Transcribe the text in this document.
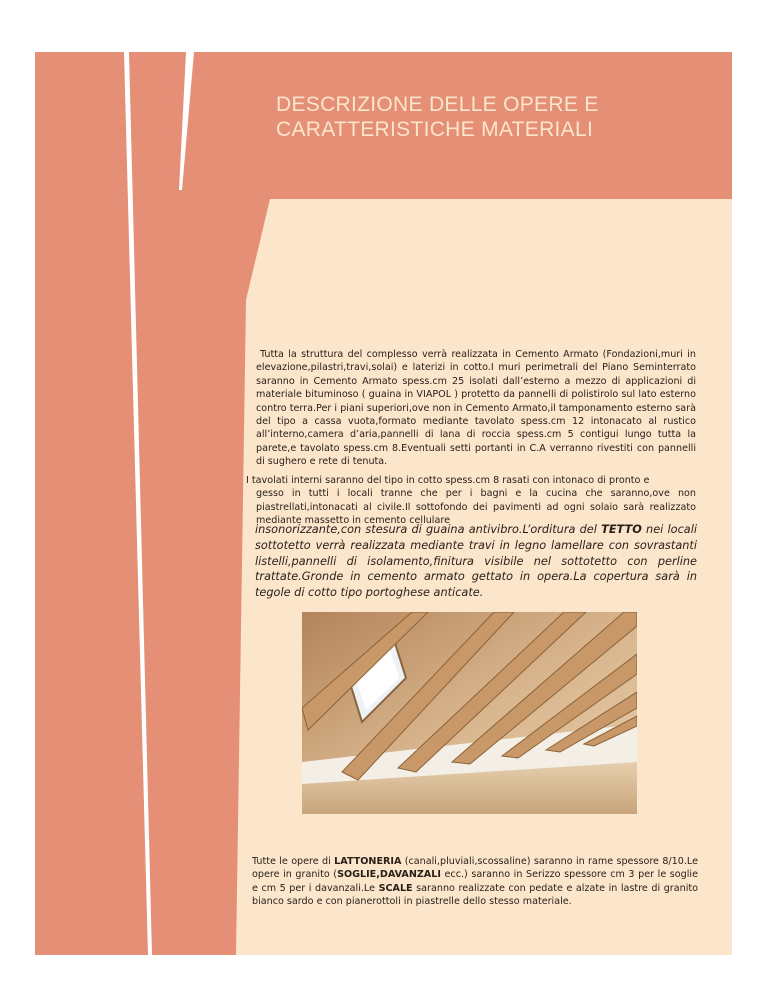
DESCRIZIONE DELLE OPERE E
CARATTERISTICHE MATERIALI

Tutta la struttura del complesso verrà realizzata in Cemento Armato (Fondazioni,muri in elevazione,pilastri,travi,solai) e laterizi in cotto.I muri perimetrali del Piano Seminterrato saranno in Cemento Armato spess.cm 25 isolati dall’esterno a mezzo di applicazioni di materiale bituminoso ( guaina in VIAPOL ) protetto da pannelli di polistirolo sul lato esterno contro terra.Per i piani superiori,ove non in Cemento Armato,il tamponamento esterno sarà del tipo a cassa vuota,formato mediante tavolato spess.cm 12 intonacato al rustico all’interno,camera d’aria,pannelli di lana di roccia spess.cm 5 contigui lungo tutta la parete,e tavolato spess.cm 8.Eventuali setti portanti in C.A verranno rivestiti con pannelli di sughero e rete di tenuta.

I tavolati interni saranno del tipo in cotto spess.cm 8 rasati con intonaco di pronto e
gesso in tutti i locali tranne che per i bagni e la cucina che saranno,ove non piastrellati,intonacati al civile.Il sottofondo dei pavimenti ad ogni solaio sarà realizzato mediante massetto in cemento cellulare

insonorizzante,con stesura di guaina antivibro.L’orditura del TETTO nei locali sottotetto verrà realizzata mediante travi in legno lamellare con sovrastanti listelli,pannelli di isolamento,finitura visibile nel sottotetto con perline trattate.Gronde in cemento armato gettato in opera.La copertura sarà in tegole di cotto tipo portoghese anticate.

Tutte le opere di LATTONERIA (canali,pluviali,scossaline) saranno in rame spessore 8/10.Le opere in granito (SOGLIE,DAVANZALI ecc.) saranno in Serizzo spessore cm 3 per le soglie e cm 5 per i davanzali.Le SCALE saranno realizzate con pedate e alzate in lastre di granito bianco sardo e con pianerottoli in piastrelle dello stesso materiale.
